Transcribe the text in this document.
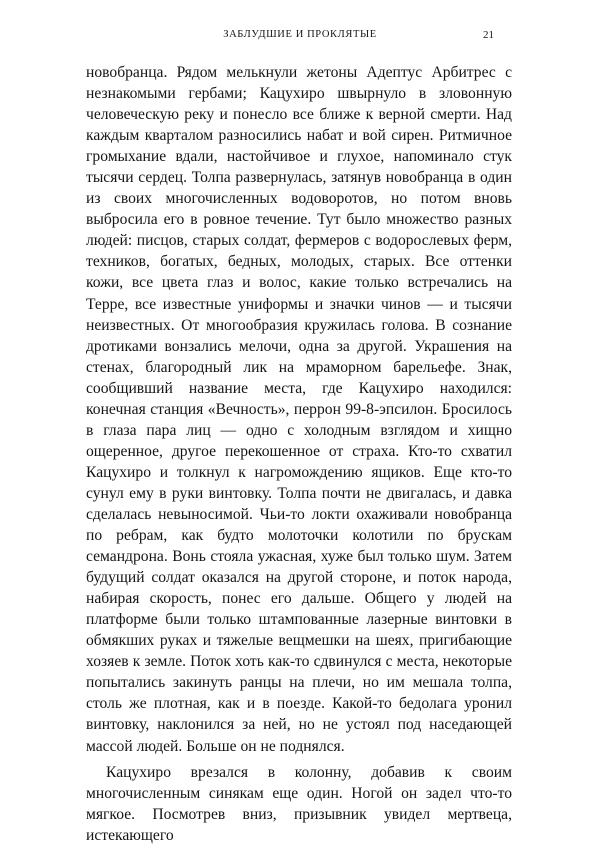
ЗАБЛУДШИЕ И ПРОКЛЯТЫЕ	21

новобранца. Рядом мелькнули жетоны Адептус Арбитрес с незнакомыми гербами; Кацухиро швырнуло в зловонную человеческую реку и понесло все ближе к верной смерти. Над каждым кварталом разносились набат и вой сирен. Ритмичное громыхание вдали, настойчивое и глухое, напоминало стук тысячи сердец. Толпа развернулась, затянув новобранца в один из своих многочисленных водоворотов, но потом вновь выбросила его в ровное течение. Тут было множество разных людей: писцов, старых солдат, фермеров с водорослевых ферм, техников, богатых, бедных, молодых, старых. Все оттенки кожи, все цвета глаз и волос, какие только встречались на Терре, все известные униформы и значки чинов — и тысячи неизвестных. От многообразия кружилась голова. В сознание дротиками вонзались мелочи, одна за другой. Украшения на стенах, благородный лик на мраморном барельефе. Знак, сообщивший название места, где Кацухиро находился: конечная станция «Вечность», перрон 99-8-эпсилон. Бросилось в глаза пара лиц — одно с холодным взглядом и хищно ощеренное, другое перекошенное от страха. Кто-то схватил Кацухиро и толкнул к нагромождению ящиков. Еще кто-то сунул ему в руки винтовку. Толпа почти не двигалась, и давка сделалась невыносимой. Чьи-то локти охаживали новобранца по ребрам, как будто молоточки колотили по брускам семандрона. Вонь стояла ужасная, хуже был только шум. Затем будущий солдат оказался на другой стороне, и поток народа, набирая скорость, понес его дальше. Общего у людей на платформе были только штампованные лазерные винтовки в обмякших руках и тяжелые вещмешки на шеях, пригибающие хозяев к земле. Поток хоть как-то сдвинулся с места, некоторые попытались закинуть ранцы на плечи, но им мешала толпа, столь же плотная, как и в поезде. Какой-то бедолага уронил винтовку, наклонился за ней, но не устоял под наседающей массой людей. Больше он не поднялся.

Кацухиро врезался в колонну, добавив к своим многочисленным синякам еще один. Ногой он задел что-то мягкое. Посмотрев вниз, призывник увидел мертвеца, истекающего
